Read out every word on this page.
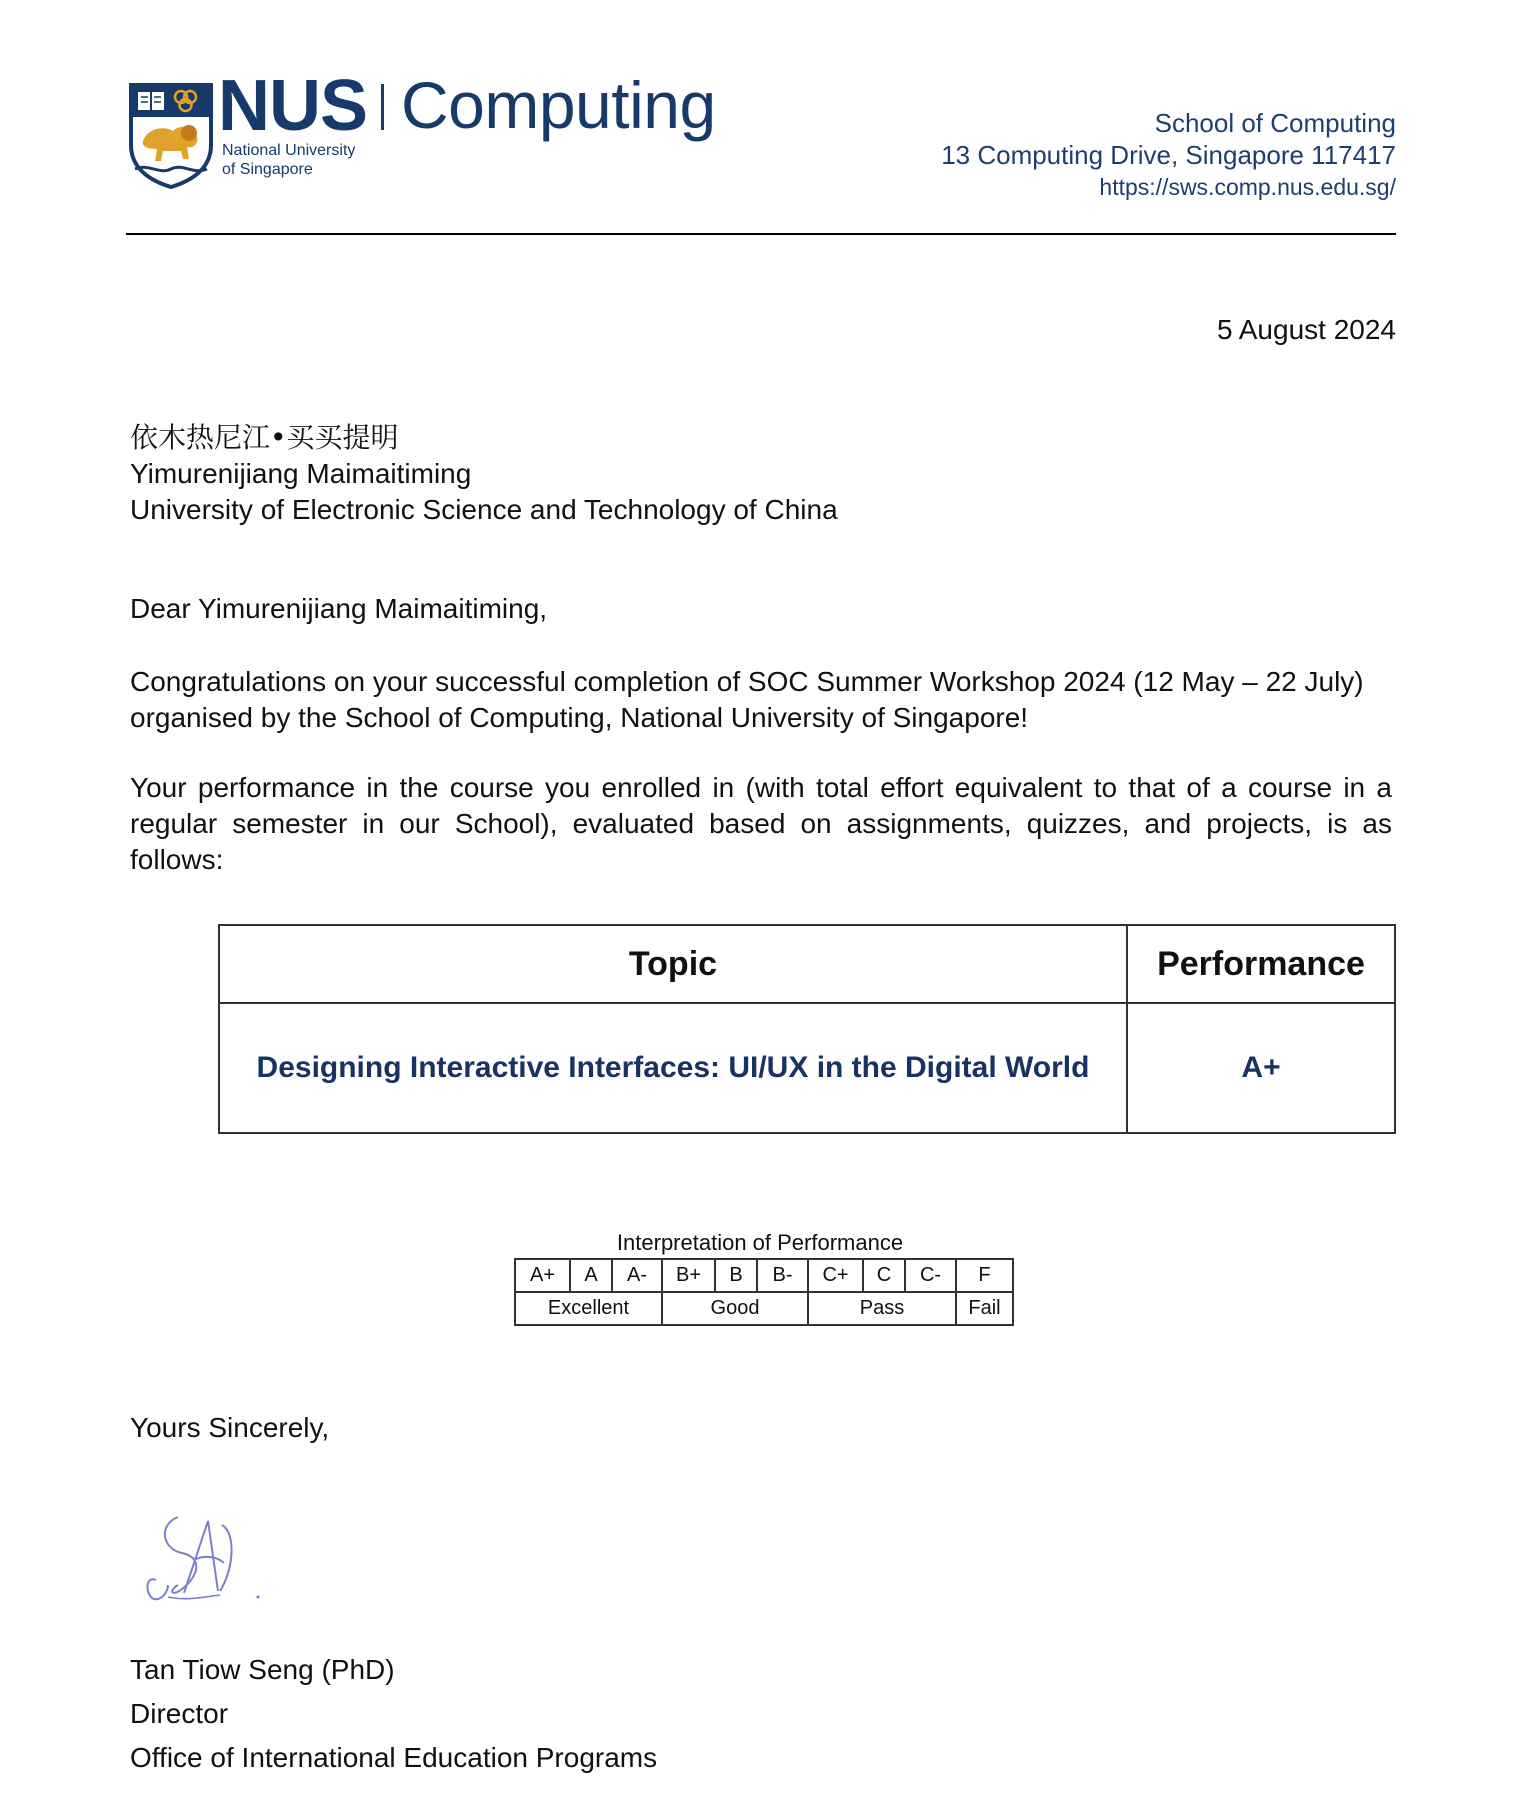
NUS
National University
of Singapore
Computing	School of Computing
13 Computing Drive, Singapore 117417
https://sws.comp.nus.edu.sg/
5 August 2024
依木热尼江•买买提明
Yimurenijiang Maimaitiming
University of Electronic Science and Technology of China
Dear Yimurenijiang Maimaitiming,
Congratulations on your successful completion of SOC Summer Workshop 2024 (12 May – 22 July)
organised by the School of Computing, National University of Singapore!
Your performance in the course you enrolled in (with total effort equivalent to that of a course in a
regular semester in our School), evaluated based on assignments, quizzes, and projects, is as follows:
Topic	Performance
Designing Interactive Interfaces: UI/UX in the Digital World	A+
Interpretation of Performance
A+	A	A-	B+	B	B-	C+	C	C-	F
Excellent			Good			Pass			Fail
Yours Sincerely,
Tan Tiow Seng (PhD)
Director
Office of International Education Programs
